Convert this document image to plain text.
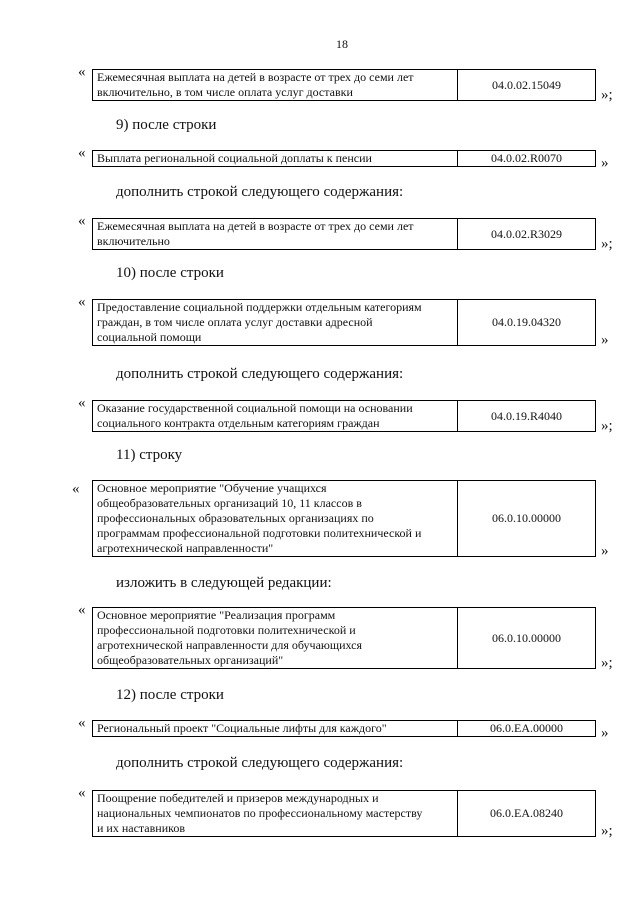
18
« Ежемесячная выплата на детей в возрасте от трех до семи лет
включительно, в том числе оплата услуг доставки
04.0.02.15049
»;
9) после строки
« Выплата региональной социальной доплаты к пенсии	04.0.02.R0070	»
дополнить строкой следующего содержания:
« Ежемесячная выплата на детей в возрасте от трех до семи лет
включительно
04.0.02.R3029
»;
10) после строки
« Предоставление социальной поддержки отдельным категориям
граждан, в том числе оплата услуг доставки адресной
социальной помощи
04.0.19.04320
»
дополнить строкой следующего содержания:
« Оказание государственной социальной помощи на основании
социального контракта отдельным категориям граждан
04.0.19.R4040
»;
11) строку
«	Основное мероприятие "Обучение учащихся
общеобразовательных организаций 10, 11 классов в
профессиональных образовательных организациях по
программам профессиональной подготовки политехнической и
агротехнической направленности"
06.0.10.00000
»
изложить в следующей редакции:
« Основное мероприятие "Реализация программ
профессиональной подготовки политехнической и
агротехнической направленности для обучающихся
общеобразовательных организаций"
06.0.10.00000
»;
12) после строки
« Региональный проект "Социальные лифты для каждого"	06.0.EA.00000	»
дополнить строкой следующего содержания:
« Поощрение победителей и призеров международных и
национальных чемпионатов по профессиональному мастерству
и их наставников
06.0.EA.08240
»;
